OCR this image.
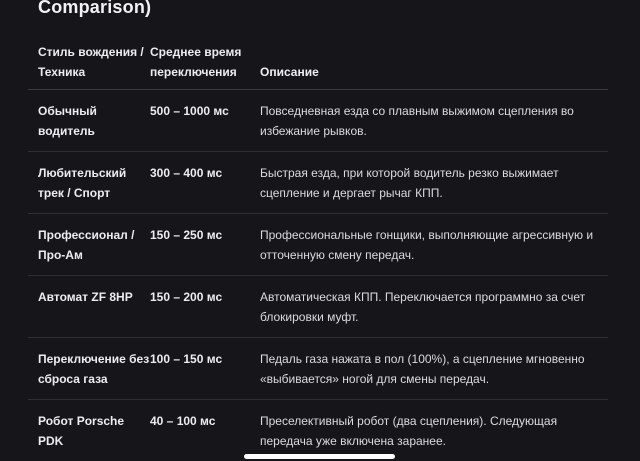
Comparison)
Стиль вождения / Техника	Среднее время переключения	Описание
Обычный водитель	500 – 1000 мс	Повседневная езда со плавным выжимом сцепления во избежание рывков.
Любительский трек / Спорт	300 – 400 мс	Быстрая езда, при которой водитель резко выжимает сцепление и дергает рычаг КПП.
Профессионал / Про-Ам	150 – 250 мс	Профессиональные гонщики, выполняющие агрессивную и отточенную смену передач.
Автомат ZF 8HP	150 – 200 мс	Автоматическая КПП. Переключается программно за счет блокировки муфт.
Переключение без сброса газа	100 – 150 мс	Педаль газа нажата в пол (100%), а сцепление мгновенно «выбивается» ногой для смены передач.
Робот Porsche PDK	40 – 100 мс	Преселективный робот (два сцепления). Следующая передача уже включена заранее.
